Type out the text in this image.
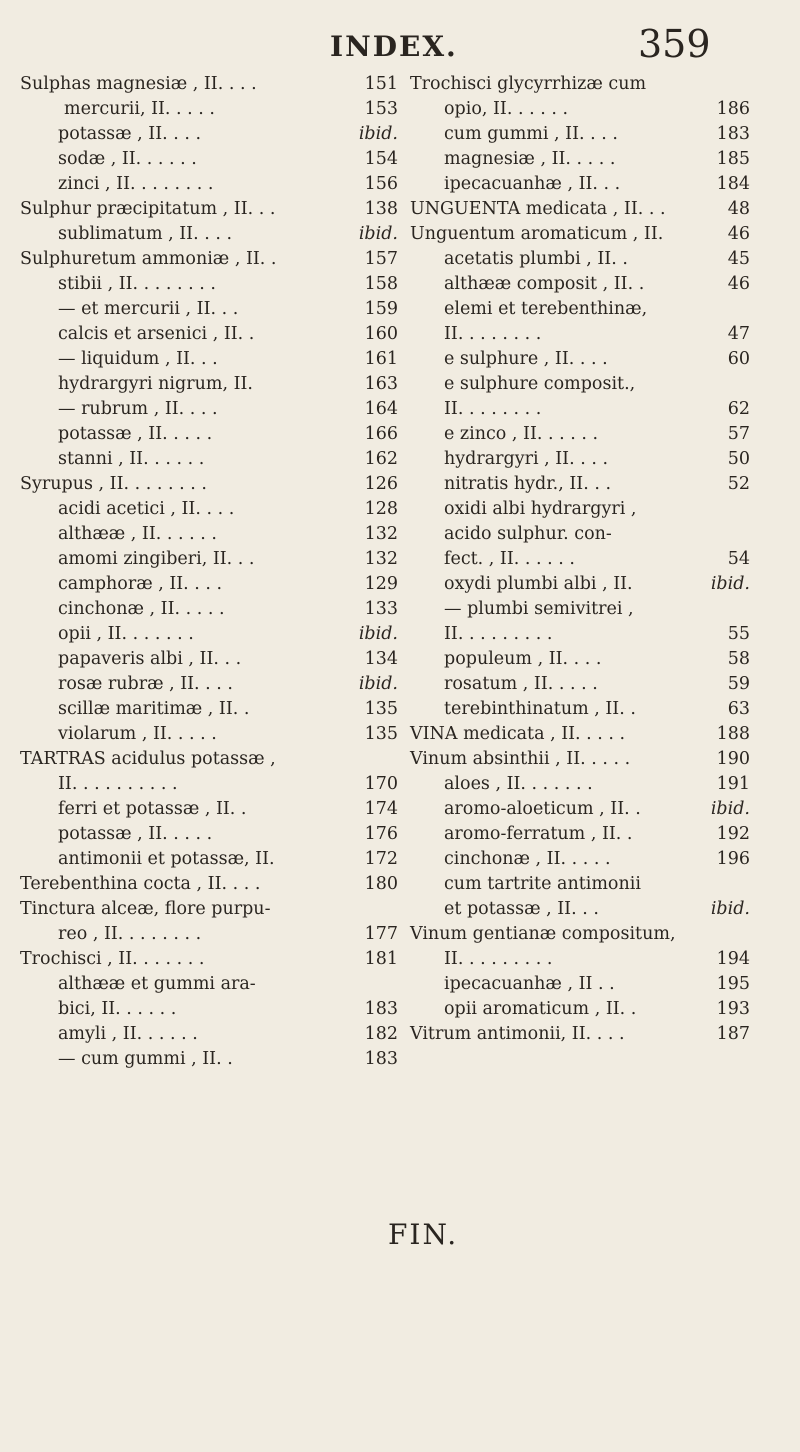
INDEX.	359
Sulphas magnesiæ , II. . . .	151
mercurii, II. . . . .	153
potassæ , II. . . .	ibid.
sodæ , II. . . . . .	154
zinci , II. . . . . . . .	156
Sulphur præcipitatum , II. . .	138
sublimatum , II. . . .	ibid.
Sulphuretum ammoniæ , II. .	157
stibii , II. . . . . . . .	158
— et mercurii , II. . .	159
calcis et arsenici , II. .	160
— liquidum , II. . .	161
hydrargyri nigrum, II.	163
— rubrum , II. . . .	164
potassæ , II. . . . .	166
stanni , II. . . . . .	162
Syrupus , II. . . . . . . .	126
acidi acetici , II. . . .	128
althææ , II. . . . . .	132
amomi zingiberi, II. . .	132
camphoræ , II. . . .	129
cinchonæ , II. . . . .	133
opii , II. . . . . . .	ibid.
papaveris albi , II. . .	134
rosæ rubræ , II. . . .	ibid.
scillæ maritimæ , II. .	135
violarum , II. . . . .	135
TARTRAS acidulus potassæ ,
II. . . . . . . . . .	170
ferri et potassæ , II. .	174
potassæ , II. . . . .	176
antimonii et potassæ, II.	172
Terebenthina cocta , II. . . .	180
Tinctura alceæ, flore purpu-
reo , II. . . . . . . .	177
Trochisci , II. . . . . . .	181
althææ et gummi ara-
bici, II. . . . . .	183
amyli , II. . . . . .	182
— cum gummi , II. .	183
Trochisci glycyrrhizæ cum
opio, II. . . . . .	186
cum gummi , II. . . .	183
magnesiæ , II. . . . .	185
ipecacuanhæ , II. . .	184
UNGUENTA medicata , II. . .	48
Unguentum aromaticum , II.	46
acetatis plumbi , II. .	45
althææ composit , II. .	46
elemi et terebenthinæ,
II. . . . . . . .	47
e sulphure , II. . . .	60
e sulphure composit.,
II. . . . . . . .	62
e zinco , II. . . . . .	57
hydrargyri , II. . . .	50
nitratis hydr., II. . .	52
oxidi albi hydrargyri ,
acido sulphur. con-
fect. , II. . . . . .	54
oxydi plumbi albi , II.	ibid.
— plumbi semivitrei ,
II. . . . . . . . .	55
populeum , II. . . .	58
rosatum , II. . . . .	59
terebinthinatum , II. .	63
VINA medicata , II. . . . .	188
Vinum absinthii , II. . . . .	190
aloes , II. . . . . . .	191
aromo-aloeticum , II. .	ibid.
aromo-ferratum , II. .	192
cinchonæ , II. . . . .	196
cum tartrite antimonii
et potassæ , II. . .	ibid.
Vinum gentianæ compositum,
II. . . . . . . . .	194
ipecacuanhæ , II . .	195
opii aromaticum , II. .	193
Vitrum antimonii, II. . . .	187
FIN.
